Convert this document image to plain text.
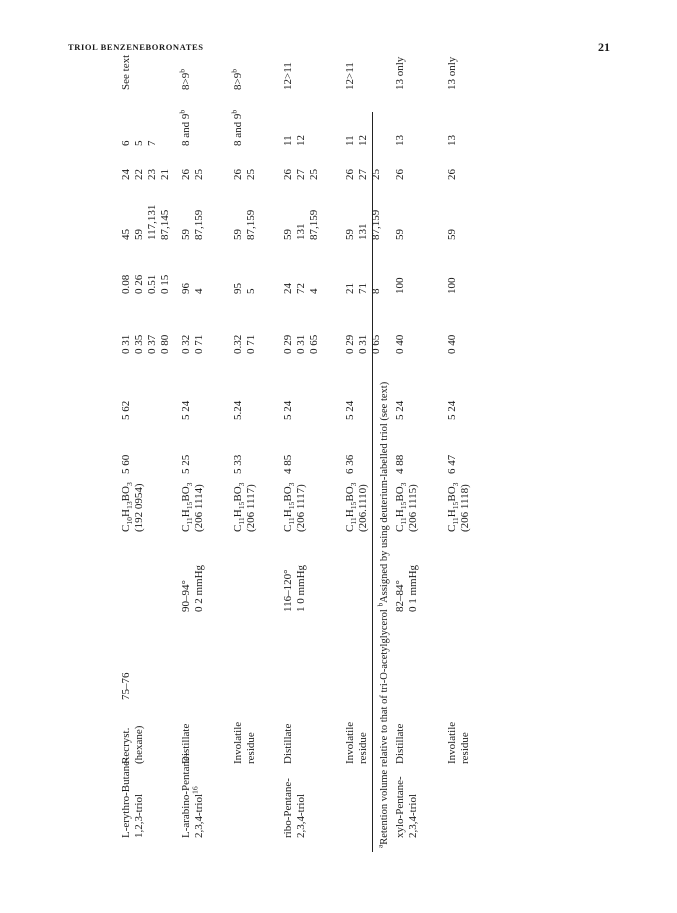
TRIOL BENZENEBORONATES	21
$^a$Retention volume relative to that of tri-O-acetylglycerol $^b$Assigned by using deuterium-labelled triol (see text)
L-erythro-Butane- 1,2,3-triol
Recryst. (hexane)
75–76
$C_{10}H_{13}BO_3$
(192 0954)
5 60
5 62
0 31 0 35 0 37 0 80
0.08 0 26 0.51 0 15
45 59 117,131 87,145
24 22 23 21
6 5 7
See text
L-arabino-Pentane- 2,3,4-triol$^{16}$
Distillate
90–94° 0 2 mmHg
$C_{11}H_{15}BO_3$
(206 1114)
5 25
5 24
0 32 0 71
96 4
59 87,159
26 25
8 and 9$^b$
$8>9^b$
Involatile residue
$C_{11}H_{15}BO_3$
(206 1117)
5 33
5.24
0.32 0 71
95 5
59 87,159
26 25
8 and 9$^b$
$8>9^b$
ribo-Pentane- 2,3,4-triol
Distillate
116–120° 1 0 mmHg
$C_{11}H_{15}BO_3$
(206 1117)
4 85
5 24
0 29 0 31 0 65
24 72 4
59 131 87,159
26 27 25
11 12
12>11
Involatile residue
$C_{11}H_{15}BO_3$
(206.1110)
6 36
5 24
0 29 0 31 0 65
21 71 8
59 131 87,159
26 27 25
11 12
12>11
xylo-Pentane- 2,3,4-triol
Distillate
82–84° 0 1 mmHg
$C_{11}H_{15}BO_3$
(206 1115)
4 88
5 24
0 40
100
59
26
13
13 only
Involatile residue
$C_{11}H_{15}BO_3$
(206 1118)
6 47
5 24
0 40
100
59
26
13
13 only
